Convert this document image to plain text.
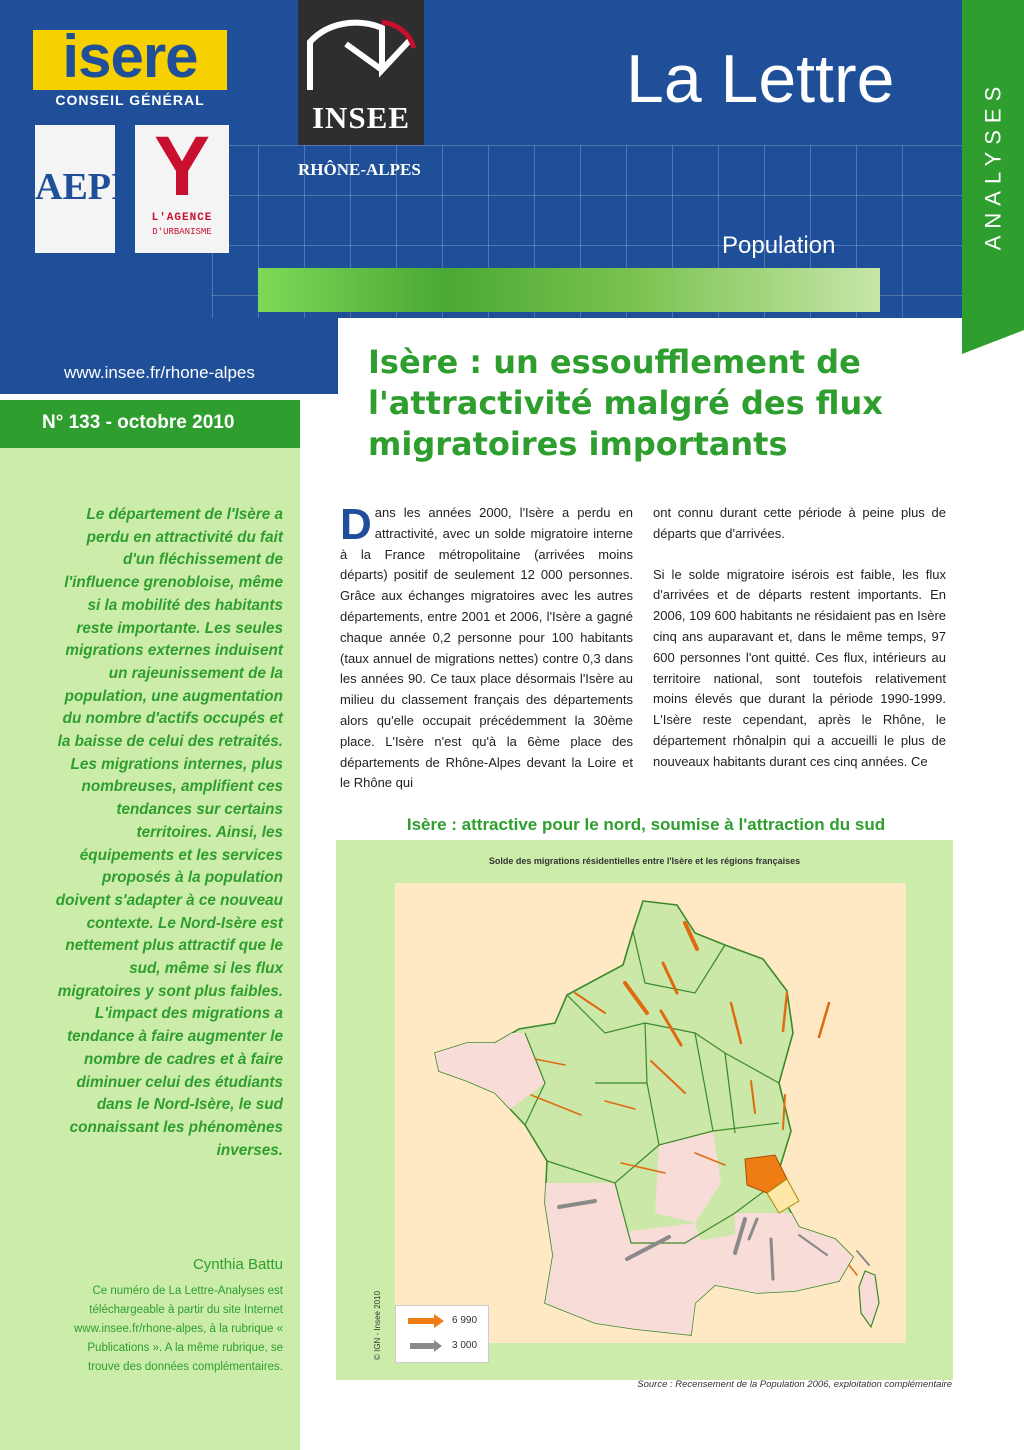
INSEE
RHÔNE-ALPES
isere
CONSEIL GÉNÉRAL
AEPI Y
L'AGENCE
D'URBANISME
La Lettre
Population	ANALYSES
www.insee.fr/rhone-alpes
N° 133 - octobre 2010
Le département de l'Isère a perdu en attractivité du fait d'un fléchissement de l'influence grenobloise, même si la mobilité des habitants reste importante. Les seules migrations externes induisent un rajeunissement de la population, une augmentation du nombre d'actifs occupés et la baisse de celui des retraités. Les migrations internes, plus nombreuses, amplifient ces tendances sur certains territoires. Ainsi, les équipements et les services proposés à la population doivent s'adapter à ce nouveau contexte. Le Nord-Isère est nettement plus attractif que le sud, même si les flux migratoires y sont plus faibles. L'impact des migrations a tendance à faire augmenter le nombre de cadres et à faire diminuer celui des étudiants dans le Nord-Isère, le sud connaissant les phénomènes inverses.
Cynthia Battu
Ce numéro de La Lettre-Analyses est téléchargeable à partir du site Internet www.insee.fr/rhone-alpes, à la rubrique « Publications ». A la même rubrique, se trouve des données complémentaires.
Isère : un essoufflement de l'attractivité malgré des flux migratoires importants
Dans les années 2000, l'Isère a perdu en attractivité, avec un solde migratoire interne à la France métropolitaine (arrivées moins départs) positif de seulement 12 000 personnes. Grâce aux échanges migratoires avec les autres départements, entre 2001 et 2006, l'Isère a gagné chaque année 0,2 personne pour 100 habitants (taux annuel de migrations nettes) contre 0,3 dans les années 90. Ce taux place désormais l'Isère au milieu du classement français des départements alors qu'elle occupait précédemment la 30ème place. L'Isère n'est qu'à la 6ème place des départements de Rhône-Alpes devant la Loire et le Rhône qui
ont connu durant cette période à peine plus de départs que d'arrivées.
Si le solde migratoire isérois est faible, les flux d'arrivées et de départs restent importants. En 2006, 109 600 habitants ne résidaient pas en Isère cinq ans auparavant et, dans le même temps, 97 600 personnes l'ont quitté. Ces flux, intérieurs au territoire national, sont toutefois relativement moins élevés que durant la période 1990-1999. L'Isère reste cependant, après le Rhône, le département rhônalpin qui a accueilli le plus de nouveaux habitants durant ces cinq années. Ce
Isère : attractive pour le nord, soumise à l'attraction du sud
Solde des migrations résidentielles entre l'Isère et les régions françaises
© IGN - Insee 2010	6 990
3 000
Source : Recensement de la Population 2006, exploitation complémentaire
